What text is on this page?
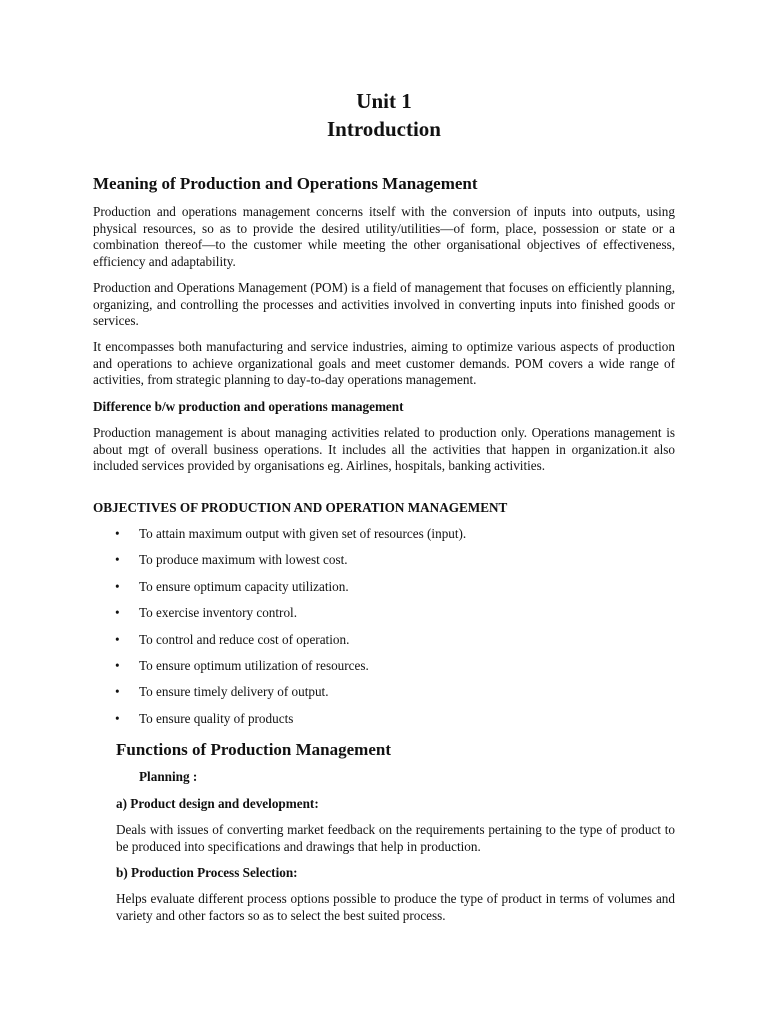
Unit 1
Introduction
Meaning of Production and Operations Management

Production and operations management concerns itself with the conversion of inputs into outputs, using physical resources, so as to provide the desired utility/utilities—of form, place, possession or state or a combination thereof—to the customer while meeting the other organisational objectives of effectiveness, efficiency and adaptability.

Production and Operations Management (POM) is a field of management that focuses on efficiently planning, organizing, and controlling the processes and activities involved in converting inputs into finished goods or services.

It encompasses both manufacturing and service industries, aiming to optimize various aspects of production and operations to achieve organizational goals and meet customer demands. POM covers a wide range of activities, from strategic planning to day-to-day operations management.

Difference b/w production and operations management

Production management is about managing activities related to production only. Operations management is about mgt of overall business operations. It includes all the activities that happen in organization.it also included services provided by organisations eg. Airlines, hospitals, banking activities.

OBJECTIVES OF PRODUCTION AND OPERATION MANAGEMENT

• To attain maximum output with given set of resources (input).
• To produce maximum with lowest cost.
• To ensure optimum capacity utilization.
• To exercise inventory control.
• To control and reduce cost of operation.
• To ensure optimum utilization of resources.
• To ensure timely delivery of output.
• To ensure quality of products
Functions of Production Management

Planning :

a) Product design and development:

Deals with issues of converting market feedback on the requirements pertaining to the type of product to be produced into specifications and drawings that help in production.

b) Production Process Selection:

Helps evaluate different process options possible to produce the type of product in terms of volumes and variety and other factors so as to select the best suited process.
